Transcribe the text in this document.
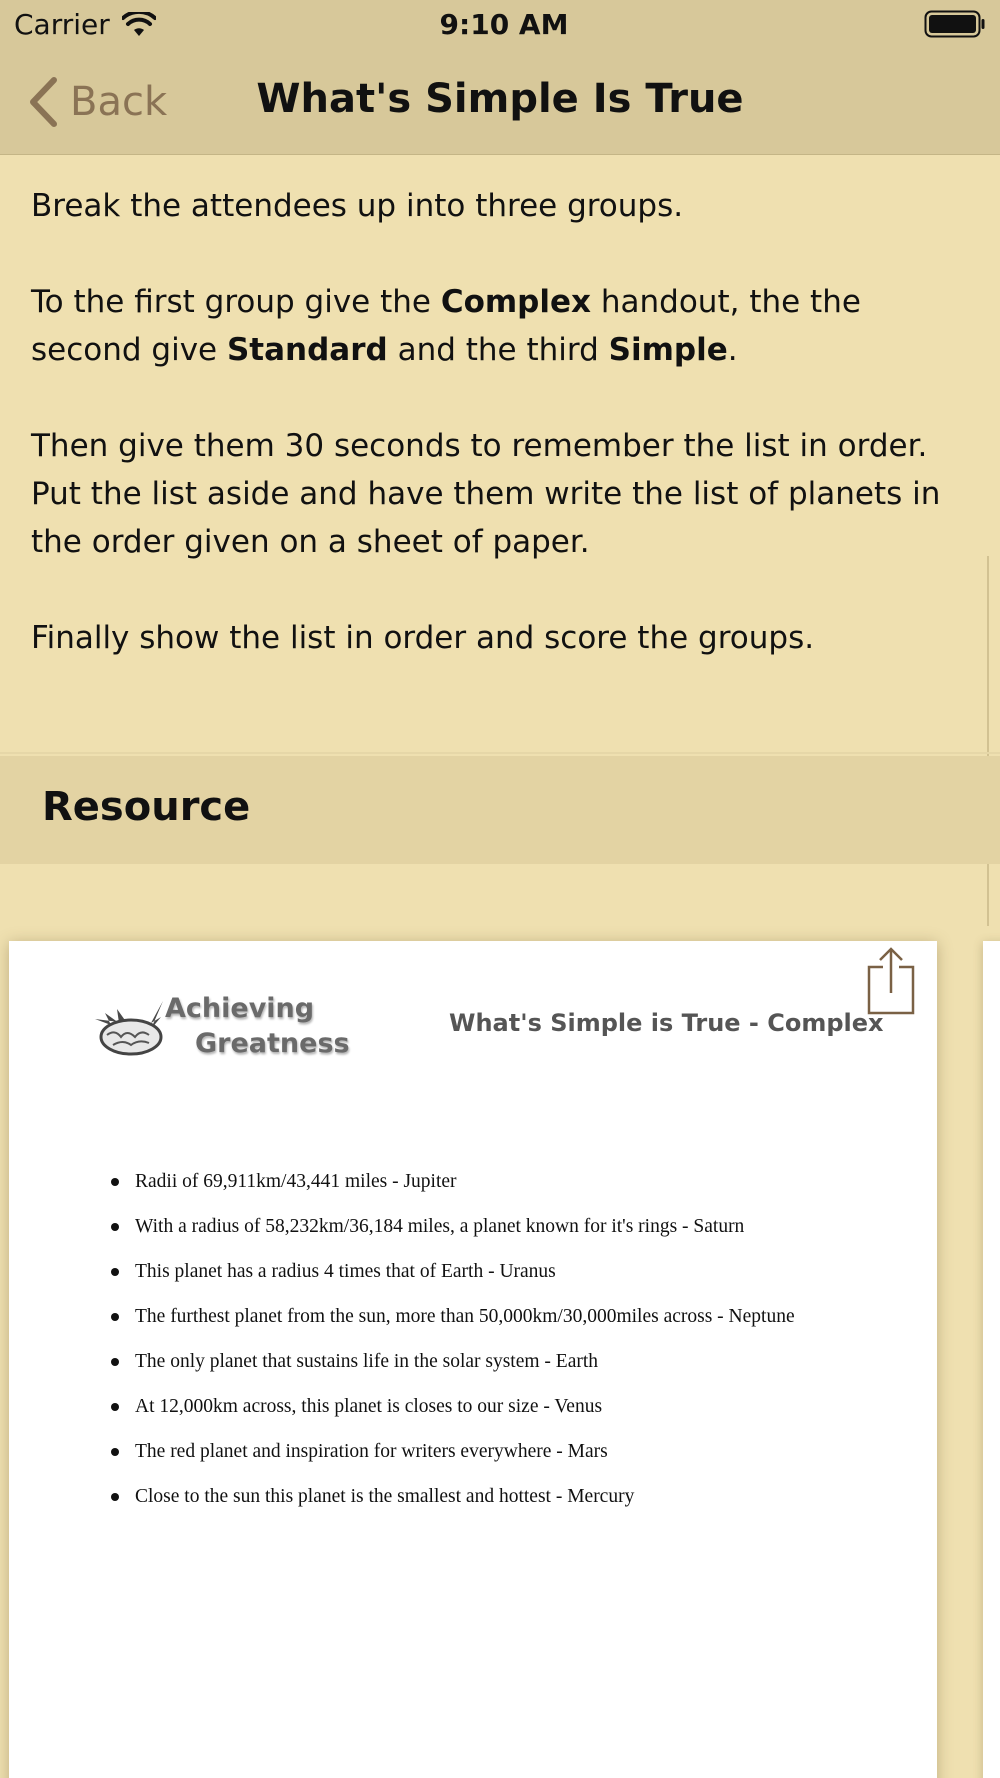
Carrier	9:10 AM
Back	What's Simple Is True

Break the attendees up into three groups.

To the first group give the Complex handout, the the second give Standard and the third Simple.

Then give them 30 seconds to remember the list in order.
Put the list aside and have them write the list of planets in the order given on a sheet of paper.

Finally show the list in order and score the groups.

Resource
Achieving
Greatness
What's Simple is True - Complex
Radii of 69,911km/43,441 miles - Jupiter
With a radius of 58,232km/36,184 miles, a planet known for it's rings - Saturn
This planet has a radius 4 times that of Earth - Uranus
The furthest planet from the sun, more than 50,000km/30,000miles across - Neptune
The only planet that sustains life in the solar system - Earth
At 12,000km across, this planet is closes to our size - Venus
The red planet and inspiration for writers everywhere - Mars
Close to the sun this planet is the smallest and hottest - Mercury
